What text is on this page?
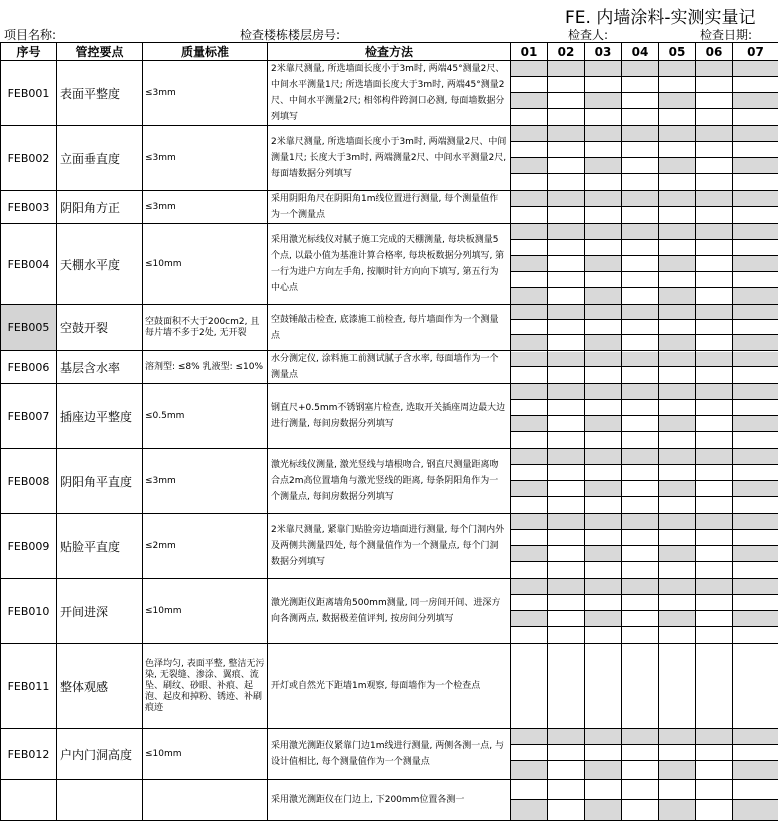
FE. 内墙涂料-实测实量记
项目名称:	检查楼栋楼层房号:	检查人:	检查日期:
序号	管控要点	质量标准	检查方法	01	02	03	04	05	06	07
FEB001	表面平整度	≤3mm	2米靠尺测量, 所选墙面长度小于3m时, 两端45°测量2尺、中间水平测量1尺; 所选墙面长度大于3m时, 两端45°测量2尺、中间水平测量2尺; 相邻构件跨洞口必测, 每面墙数据分列填写	

FEB002	立面垂直度	≤3mm	2米靠尺测量, 所选墙面长度小于3m时, 两端测量2尺、中间测量1尺; 长度大于3m时, 两端测量2尺、中间水平测量2尺, 每面墙数据分列填写	

FEB003	阴阳角方正	≤3mm	采用阴阳角尺在阴阳角1m线位置进行测量, 每个测量值作为一个测量点	

FEB004	天棚水平度	≤10mm	采用激光标线仪对腻子施工完成的天棚测量, 每块板测量5个点, 以最小值为基准计算合格率, 每块板数据分列填写, 第一行为进户方向左手角, 按顺时针方向向下填写, 第五行为中心点	

FEB005	空鼓开裂	空鼓面积不大于200cm2, 且每片墙不多于2处, 无开裂	空鼓锤敲击检查, 底漆施工前检查, 每片墙面作为一个测量点	

FEB006	基层含水率	溶剂型: ≤8% 乳液型: ≤10%	水分测定仪, 涂料施工前测试腻子含水率, 每面墙作为一个测量点	

FEB007	插座边平整度	≤0.5mm	钢直尺+0.5mm不锈钢塞片检查, 选取开关插座周边最大边进行测量, 每间房数据分列填写	

FEB008	阴阳角平直度	≤3mm	激光标线仪测量, 激光竖线与墙根吻合, 钢直尺测量距离吻合点2m高位置墙角与激光竖线的距离, 每条阴阳角作为一个测量点, 每间房数据分列填写	

FEB009	贴脸平直度	≤2mm	2米靠尺测量, 紧靠门贴脸旁边墙面进行测量, 每个门洞内外及两侧共测量四处, 每个测量值作为一个测量点, 每个门洞数据分列填写	

FEB010	开间进深	≤10mm	激光测距仪距离墙角500mm测量, 同一房间开间、进深方向各测两点, 数据极差值评判, 按房间分列填写	

FEB011	整体观感	色泽均匀, 表面平整, 整洁无污染, 无裂缝、渗涂、翼痕、流坠、刷纹、砂眼、补痕、起泡、起皮和掉粉、锈迹、补刷痕迹	开灯或自然光下距墙1m观察, 每面墙作为一个检查点	

FEB012	户内门洞高度	≤10mm	采用激光测距仪紧靠门边1m线进行测量, 两侧各测一点, 与设计值相比, 每个测量值作为一个测量点	

			采用激光测距仪在门边上, 下200mm位置各测一	
